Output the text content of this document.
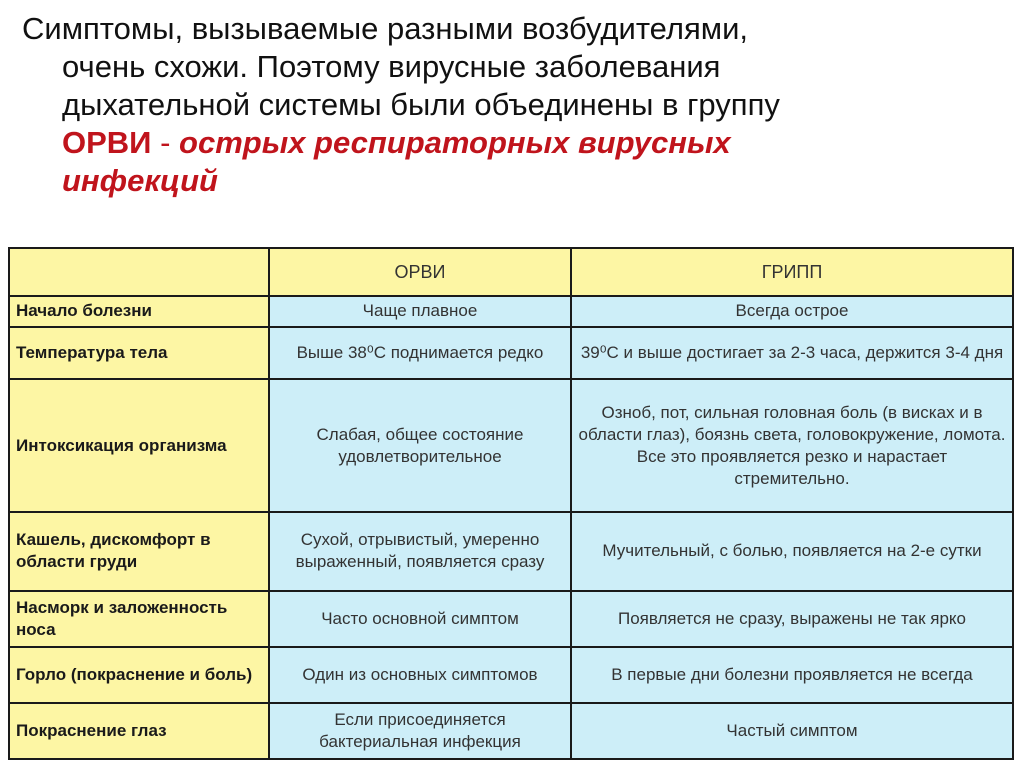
Симптомы, вызываемые разными возбудителями,
очень схожи. Поэтому вирусные заболевания
дыхательной системы были объединены в группу
ОРВИ - острых респираторных вирусных
инфекций
	ОРВИ	ГРИПП
Начало болезни	Чаще плавное	Всегда острое
Температура тела	Выше 38⁰С поднимается редко	39⁰С и выше достигает за 2-3 часа, держится 3-4 дня
Интоксикация организма	Слабая, общее состояние удовлетворительное	Озноб, пот, сильная головная боль (в висках и в области глаз), боязнь света, головокружение, ломота. Все это проявляется резко и нарастает стремительно.
Кашель, дискомфорт в области груди	Сухой, отрывистый, умеренно выраженный, появляется сразу	Мучительный, с болью, появляется на 2-е сутки
Насморк и заложенность носа	Часто основной симптом	Появляется не сразу, выражены не так ярко
Горло (покраснение и боль)	Один из основных симптомов	В первые дни болезни проявляется не всегда
Покраснение глаз	Если присоединяется бактериальная инфекция	Частый симптом
